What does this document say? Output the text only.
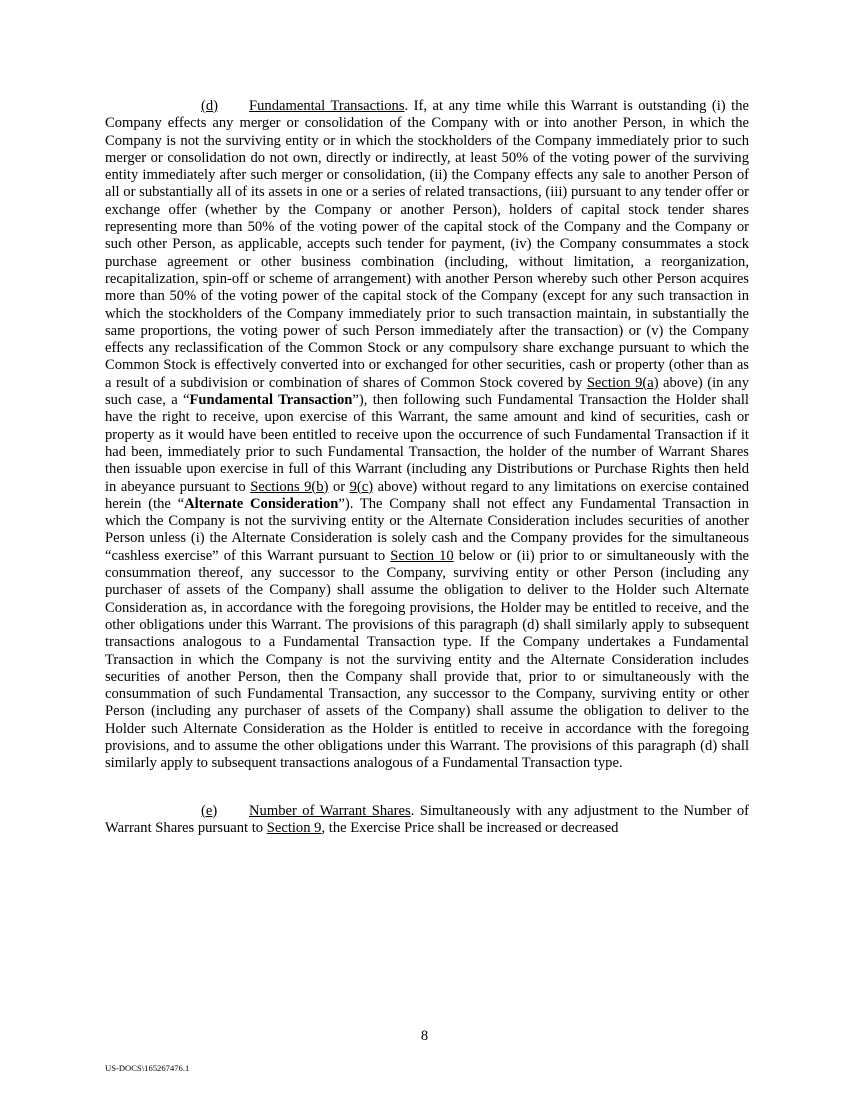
(d) Fundamental Transactions. If, at any time while this Warrant is outstanding (i) the Company effects any merger or consolidation of the Company with or into another Person, in which the Company is not the surviving entity or in which the stockholders of the Company immediately prior to such merger or consolidation do not own, directly or indirectly, at least 50% of the voting power of the surviving entity immediately after such merger or consolidation, (ii) the Company effects any sale to another Person of all or substantially all of its assets in one or a series of related transactions, (iii) pursuant to any tender offer or exchange offer (whether by the Company or another Person), holders of capital stock tender shares representing more than 50% of the voting power of the capital stock of the Company and the Company or such other Person, as applicable, accepts such tender for payment, (iv) the Company consummates a stock purchase agreement or other business combination (including, without limitation, a reorganization, recapitalization, spin-off or scheme of arrangement) with another Person whereby such other Person acquires more than 50% of the voting power of the capital stock of the Company (except for any such transaction in which the stockholders of the Company immediately prior to such transaction maintain, in substantially the same proportions, the voting power of such Person immediately after the transaction) or (v) the Company effects any reclassification of the Common Stock or any compulsory share exchange pursuant to which the Common Stock is effectively converted into or exchanged for other securities, cash or property (other than as a result of a subdivision or combination of shares of Common Stock covered by Section 9(a) above) (in any such case, a “Fundamental Transaction”), then following such Fundamental Transaction the Holder shall have the right to receive, upon exercise of this Warrant, the same amount and kind of securities, cash or property as it would have been entitled to receive upon the occurrence of such Fundamental Transaction if it had been, immediately prior to such Fundamental Transaction, the holder of the number of Warrant Shares then issuable upon exercise in full of this Warrant (including any Distributions or Purchase Rights then held in abeyance pursuant to Sections 9(b) or 9(c) above) without regard to any limitations on exercise contained herein (the “Alternate Consideration”). The Company shall not effect any Fundamental Transaction in which the Company is not the surviving entity or the Alternate Consideration includes securities of another Person unless (i) the Alternate Consideration is solely cash and the Company provides for the simultaneous “cashless exercise” of this Warrant pursuant to Section 10 below or (ii) prior to or simultaneously with the consummation thereof, any successor to the Company, surviving entity or other Person (including any purchaser of assets of the Company) shall assume the obligation to deliver to the Holder such Alternate Consideration as, in accordance with the foregoing provisions, the Holder may be entitled to receive, and the other obligations under this Warrant. The provisions of this paragraph (d) shall similarly apply to subsequent transactions analogous to a Fundamental Transaction type. If the Company undertakes a Fundamental Transaction in which the Company is not the surviving entity and the Alternate Consideration includes securities of another Person, then the Company shall provide that, prior to or simultaneously with the consummation of such Fundamental Transaction, any successor to the Company, surviving entity or other Person (including any purchaser of assets of the Company) shall assume the obligation to deliver to the Holder such Alternate Consideration as the Holder is entitled to receive in accordance with the foregoing provisions, and to assume the other obligations under this Warrant. The provisions of this paragraph (d) shall similarly apply to subsequent transactions analogous of a Fundamental Transaction type.

(e) Number of Warrant Shares. Simultaneously with any adjustment to the Number of Warrant Shares pursuant to Section 9, the Exercise Price shall be increased or decreased

8
US-DOCS\165267476.1
